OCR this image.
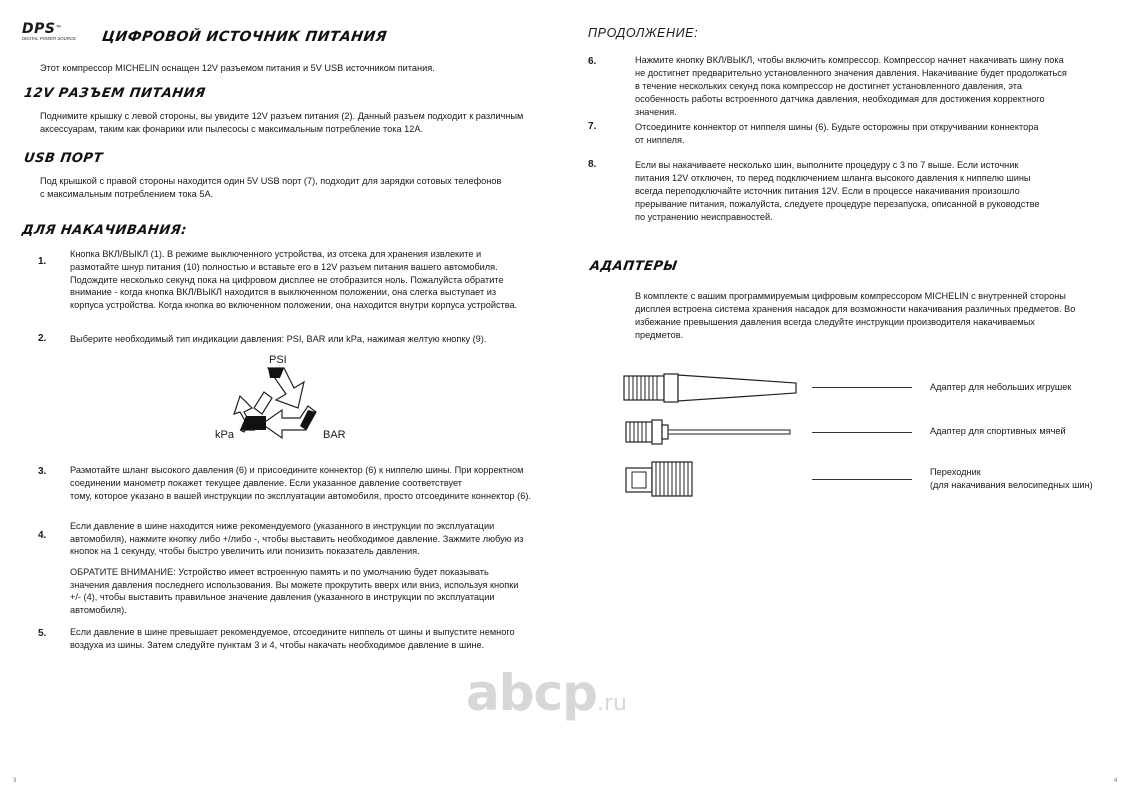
DPS™
DIGITAL POWER SOURCE	ЦИФРОВОЙ ИСТОЧНИК ПИТАНИЯ

Этот компрессор MICHELIN оснащен 12V разъемом питания и 5V USB источником питания.

12V РАЗЪЕМ ПИТАНИЯ

Поднимите крышку с левой стороны, вы увидите 12V разъем питания (2). Данный разъем подходит к различным

аксессуарам, таким как фонарики или пылесосы с максимальным потребление тока 12A.

USB ПОРТ

Под крышкой с правой стороны находится один 5V USB порт (7), подходит для зарядки сотовых телефонов

с максимальным потреблением тока 5A.

ДЛЯ НАКАЧИВАНИЯ:
1.

Кнопка ВКЛ/ВЫКЛ (1). В режиме выключенного устройства, из отсека для хранения извлеките и

размотайте шнур питания (10) полностью и вставьте его в 12V разъем питания вашего автомобиля.

Подождите несколько секунд пока на цифровом дисплее не отобразится ноль. Пожалуйста обратите

внимание - когда кнопка ВКЛ/ВЫКЛ находится в выключенном положении, она слегка выступает из

корпуса устройства. Когда кнопка во включенном положении, она находится внутри корпуса устройства.

2.	Выберите необходимый тип индикации давления: PSI, BAR или kPa, нажимая желтую кнопку (9).

PSI
kPa	BAR
3.	Размотайте шланг высокого давления (6) и присоедините коннектор (6) к ниппелю шины. При корректном

соединении манометр покажет текущее давление. Если указанное давление соответствует

тому, которое указано в вашей инструкции по эксплуатации автомобиля, просто отсоедините коннектор (6).

4.

Если давление в шине находится ниже рекомендуемого (указанного в инструкции по эксплуатации

автомобиля), нажмите кнопку либо +/либо -, чтобы выставить необходимое давление. Зажмите любую из

кнопок на 1 секунду, чтобы быстро увеличить или понизить показатель давления.

ОБРАТИТЕ ВНИМАНИЕ: Устройство имеет встроенную память и по умолчанию будет показывать

значения давления последнего использования. Вы можете прокрутить вверх или вниз, используя кнопки

+/- (4), чтобы выставить правильное значение давления (указанного в инструкции по эксплуатации

автомобиля).

5.	Если давление в шине превышает рекомендуемое, отсоедините ниппель от шины и выпустите немного

воздуха из шины. Затем следуйте пунктам 3 и 4, чтобы накачать необходимое давление в шине.

3
ПРОДОЛЖЕНИЕ:
6.	Нажмите кнопку ВКЛ/ВЫКЛ, чтобы включить компрессор. Компрессор начнет накачивать шину пока

не достигнет предварительно установленного значения давления. Накачивание будет продолжаться

в течение нескольких секунд пока компрессор не достигнет установленного давления, эта

особенность работы встроенного датчика давления, необходимая для достижения корректного

значения.

7.	Отсоедините коннектор от ниппеля шины (6). Будьте осторожны при откручивании коннектора

от ниппеля.

8.	Если вы накачиваете несколько шин, выполните процедуру с 3 по 7 выше. Если источник

питания 12V отключен, то перед подключением шланга высокого давления к ниппелю шины

всегда переподключайте источник питания 12V. Если в процессе накачивания произошло

прерывание питания, пожалуйста, следуете процедуре перезапуска, описанной в руководстве

по устранению неисправностей.

АДАПТЕРЫ

В комплекте с вашим программируемым цифровым компрессором MICHELIN с внутренней стороны

дисплея встроена система хранения насадок для возможности накачивания различных предметов. Во

избежание превышения давления всегда следуйте инструкции производителя накачиваемых

предметов.

Адаптер для небольших игрушек
Адаптер для спортивных мячей
Переходник
(для накачивания велосипедных шин)
abcp.ru
4
